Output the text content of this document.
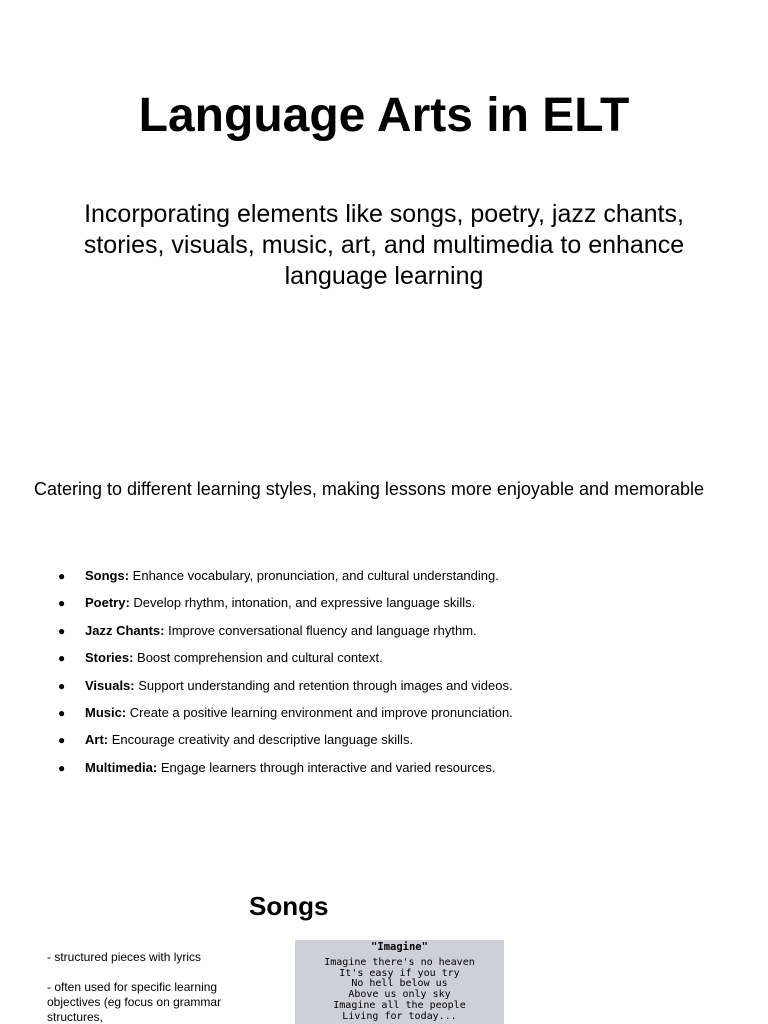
Language Arts in ELT

Incorporating elements like songs, poetry, jazz chants, stories, visuals, music, art, and multimedia to enhance language learning

Catering to different learning styles, making lessons more enjoyable and memorable

● Songs: Enhance vocabulary, pronunciation, and cultural understanding.
● Poetry: Develop rhythm, intonation, and expressive language skills.
● Jazz Chants: Improve conversational fluency and language rhythm.
● Stories: Boost comprehension and cultural context.
● Visuals: Support understanding and retention through images and videos.
● Music: Create a positive learning environment and improve pronunciation.
● Art: Encourage creativity and descriptive language skills.
● Multimedia: Engage learners through interactive and varied resources.
Songs

- structured pieces with lyrics

- often used for specific learning objectives (eg focus on grammar structures,

"Imagine"
Imagine there's no heaven
It's easy if you try
No hell below us
Above us only sky
Imagine all the people
Living for today...
